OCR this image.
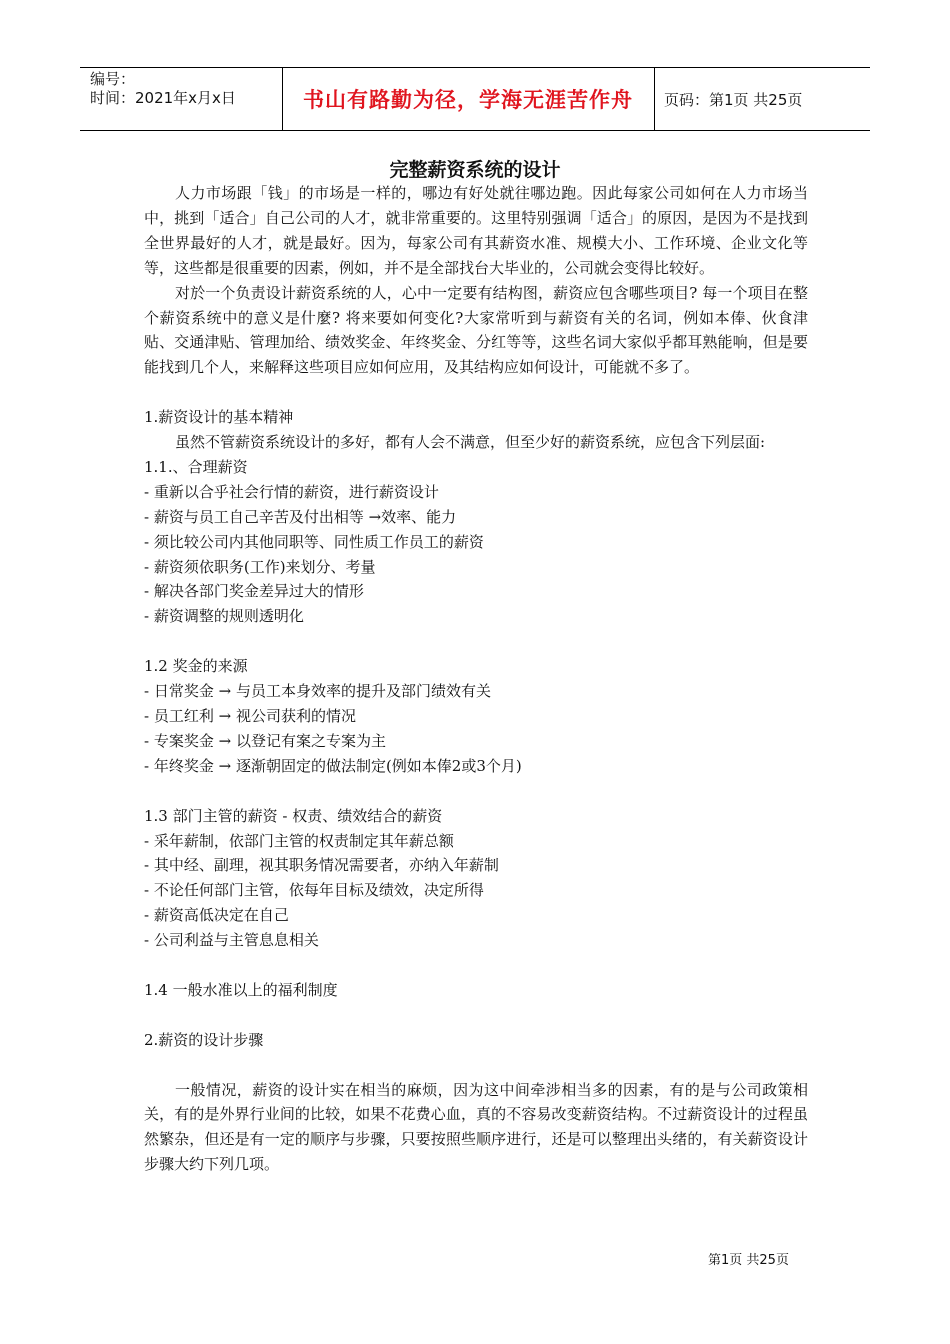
编号：
时间：2021年x月x日	书山有路勤为径，学海无涯苦作舟	页码：第1页 共25页
完整薪资系统的设计

人力市场跟「钱」的市场是一样的，哪边有好处就往哪边跑。因此每家公司如何在人力市场当中，挑到「适合」自己公司的人才，就非常重要的。这里特别强调「适合」的原因，是因为不是找到全世界最好的人才，就是最好。因为，每家公司有其薪资水准、规模大小、工作环境、企业文化等等，这些都是很重要的因素，例如，并不是全部找台大毕业的，公司就会变得比较好。

对於一个负责设计薪资系统的人，心中一定要有结构图，薪资应包含哪些项目? 每一个项目在整个薪资系统中的意义是什麼? 将来要如何变化?大家常听到与薪资有关的名词，例如本俸、伙食津贴、交通津贴、管理加给、绩效奖金、年终奖金、分红等等，这些名词大家似乎都耳熟能响，但是要能找到几个人，来解释这些项目应如何应用，及其结构应如何设计，可能就不多了。

1.薪资设计的基本精神

虽然不管薪资系统设计的多好，都有人会不满意，但至少好的薪资系统，应包含下列层面:

1.1.、合理薪资

- 重新以合乎社会行情的薪资，进行薪资设计

- 薪资与员工自己辛苦及付出相等 →效率、能力

- 须比较公司内其他同职等、同性质工作员工的薪资

- 薪资须依职务(工作)来划分、考量

- 解决各部门奖金差异过大的情形

- 薪资调整的规则透明化

1.2 奖金的来源

- 日常奖金 → 与员工本身效率的提升及部门绩效有关

- 员工红利 → 视公司获利的情况

- 专案奖金 → 以登记有案之专案为主

- 年终奖金 → 逐渐朝固定的做法制定(例如本俸2或3个月)

1.3 部门主管的薪资 - 权责、绩效结合的薪资

- 采年薪制，依部门主管的权责制定其年薪总额

- 其中经、副理，视其职务情况需要者，亦纳入年薪制

- 不论任何部门主管，依每年目标及绩效，决定所得

- 薪资高低决定在自己

- 公司利益与主管息息相关

1.4 一般水准以上的福利制度

2.薪资的设计步骤

一般情况，薪资的设计实在相当的麻烦，因为这中间牵涉相当多的因素，有的是与公司政策相关，有的是外界行业间的比较，如果不花费心血，真的不容易改变薪资结构。不过薪资设计的过程虽然繁杂，但还是有一定的顺序与步骤，只要按照些顺序进行，还是可以整理出头绪的，有关薪资设计步骤大约下列几项。

第1页 共25页
